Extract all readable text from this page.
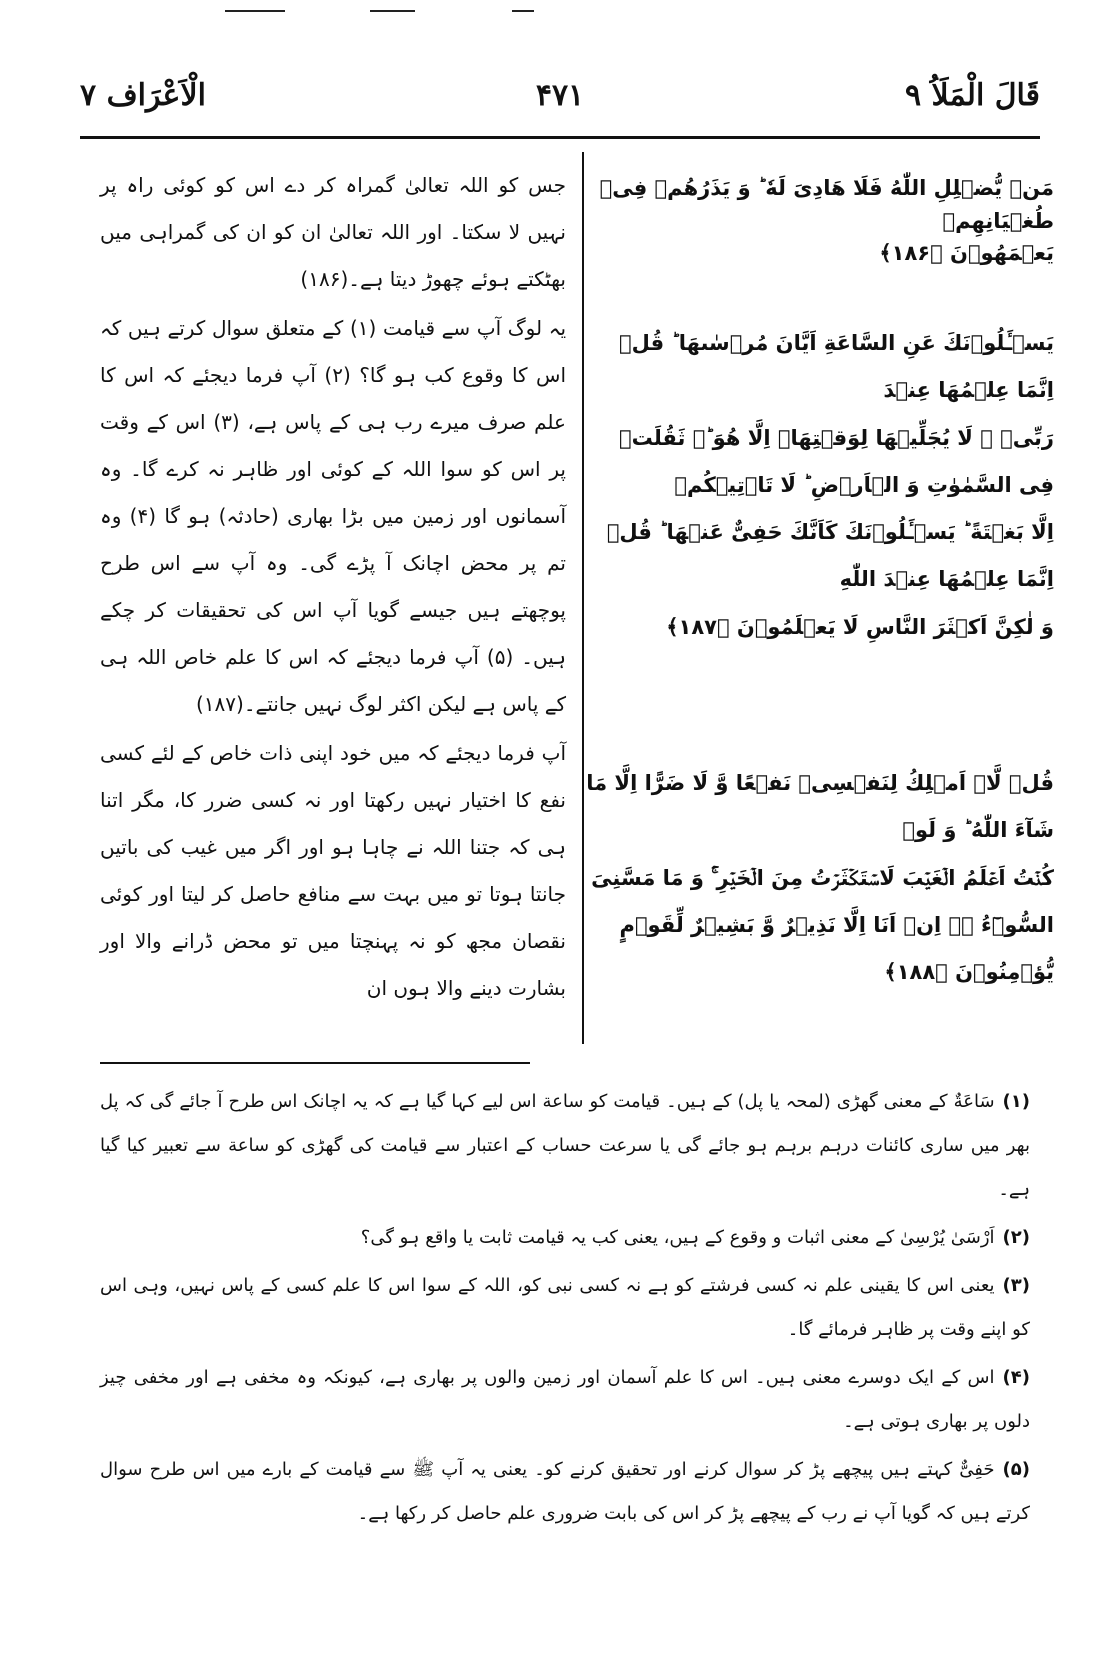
قَالَ الْمَلَاُ ۹
۴۷۱
الْاَعْرَاف ۷
مَنۡ یُّضۡلِلِ اللّٰهُ فَلَا هَادِیَ لَهٗ ؕ وَ یَذَرُهُمۡ فِیۡ طُغۡیَانِهِمۡ
یَعۡمَهُوۡنَ ﴿۱۸۶﴾
یَسۡـَٔلُوۡنَكَ عَنِ السَّاعَةِ اَیَّانَ مُرۡسٰىهَا ؕ قُلۡ اِنَّمَا عِلۡمُهَا عِنۡدَ
رَبِّیۡ ۚ لَا یُجَلِّیۡهَا لِوَقۡتِهَاۤ اِلَّا هُوَ ؕۘ ثَقُلَتۡ فِی السَّمٰوٰتِ وَ الۡاَرۡضِ ؕ لَا تَاۡتِیۡكُمۡ
اِلَّا بَغۡتَةً ؕ یَسۡـَٔلُوۡنَكَ كَاَنَّكَ حَفِیٌّ عَنۡهَا ؕ قُلۡ اِنَّمَا عِلۡمُهَا عِنۡدَ اللّٰهِ
وَ لٰكِنَّ اَكۡثَرَ النَّاسِ لَا یَعۡلَمُوۡنَ ﴿۱۸۷﴾
قُلۡ لَّاۤ اَمۡلِكُ لِنَفۡسِیۡ نَفۡعًا وَّ لَا ضَرًّا اِلَّا مَا شَآءَ اللّٰهُ ؕ وَ لَوۡ
كُنۡتُ اَعۡلَمُ الۡغَیۡبَ لَاسۡتَكۡثَرۡتُ مِنَ الۡخَیۡرِ ۚۛ وَ مَا مَسَّنِیَ
السُّوۡٓءُ ۚۛ اِنۡ اَنَا اِلَّا نَذِیۡرٌ وَّ بَشِیۡرٌ لِّقَوۡمٍ یُّؤۡمِنُوۡنَ ﴿۱۸۸﴾

جس کو اللہ تعالیٰ گمراہ کر دے اس کو کوئی راہ پر نہیں لا سکتا۔ اور اللہ تعالیٰ ان کو ان کی گمراہی میں بھٹکتے ہوئے چھوڑ دیتا ہے۔(۱۸۶)

یہ لوگ آپ سے قیامت (۱) کے متعلق سوال کرتے ہیں کہ اس کا وقوع کب ہو گا؟ (۲) آپ فرما دیجئے کہ اس کا علم صرف میرے رب ہی کے پاس ہے، (۳) اس کے وقت پر اس کو سوا اللہ کے کوئی اور ظاہر نہ کرے گا۔ وہ آسمانوں اور زمین میں بڑا بھاری (حادثہ) ہو گا (۴) وہ تم پر محض اچانک آ پڑے گی۔ وہ آپ سے اس طرح پوچھتے ہیں جیسے گویا آپ اس کی تحقیقات کر چکے ہیں۔ (۵) آپ فرما دیجئے کہ اس کا علم خاص اللہ ہی کے پاس ہے لیکن اکثر لوگ نہیں جانتے۔(۱۸۷)

آپ فرما دیجئے کہ میں خود اپنی ذات خاص کے لئے کسی نفع کا اختیار نہیں رکھتا اور نہ کسی ضرر کا، مگر اتنا ہی کہ جتنا اللہ نے چاہا ہو اور اگر میں غیب کی باتیں جانتا ہوتا تو میں بہت سے منافع حاصل کر لیتا اور کوئی نقصان مجھ کو نہ پہنچتا میں تو محض ڈرانے والا اور بشارت دینے والا ہوں ان

(۱)سَاعَةٌ کے معنی گھڑی (لمحہ یا پل) کے ہیں۔ قیامت کو ساعة اس لیے کہا گیا ہے کہ یہ اچانک اس طرح آ جائے گی کہ پل بھر میں ساری کائنات درہم برہم ہو جائے گی یا سرعت حساب کے اعتبار سے قیامت کی گھڑی کو ساعة سے تعبیر کیا گیا ہے۔

(۲)اَرْسَىٰ يُرْسِىٰ کے معنی اثبات و وقوع کے ہیں، یعنی کب یہ قیامت ثابت یا واقع ہو گی؟

(۳)یعنی اس کا یقینی علم نہ کسی فرشتے کو ہے نہ کسی نبی کو، اللہ کے سوا اس کا علم کسی کے پاس نہیں، وہی اس کو اپنے وقت پر ظاہر فرمائے گا۔

(۴)اس کے ایک دوسرے معنی ہیں۔ اس کا علم آسمان اور زمین والوں پر بھاری ہے، کیونکہ وہ مخفی ہے اور مخفی چیز دلوں پر بھاری ہوتی ہے۔

(۵)حَفِیٌّ کہتے ہیں پیچھے پڑ کر سوال کرنے اور تحقیق کرنے کو۔ یعنی یہ آپ ﷺ سے قیامت کے بارے میں اس طرح سوال کرتے ہیں کہ گویا آپ نے رب کے پیچھے پڑ کر اس کی بابت ضروری علم حاصل کر رکھا ہے۔
